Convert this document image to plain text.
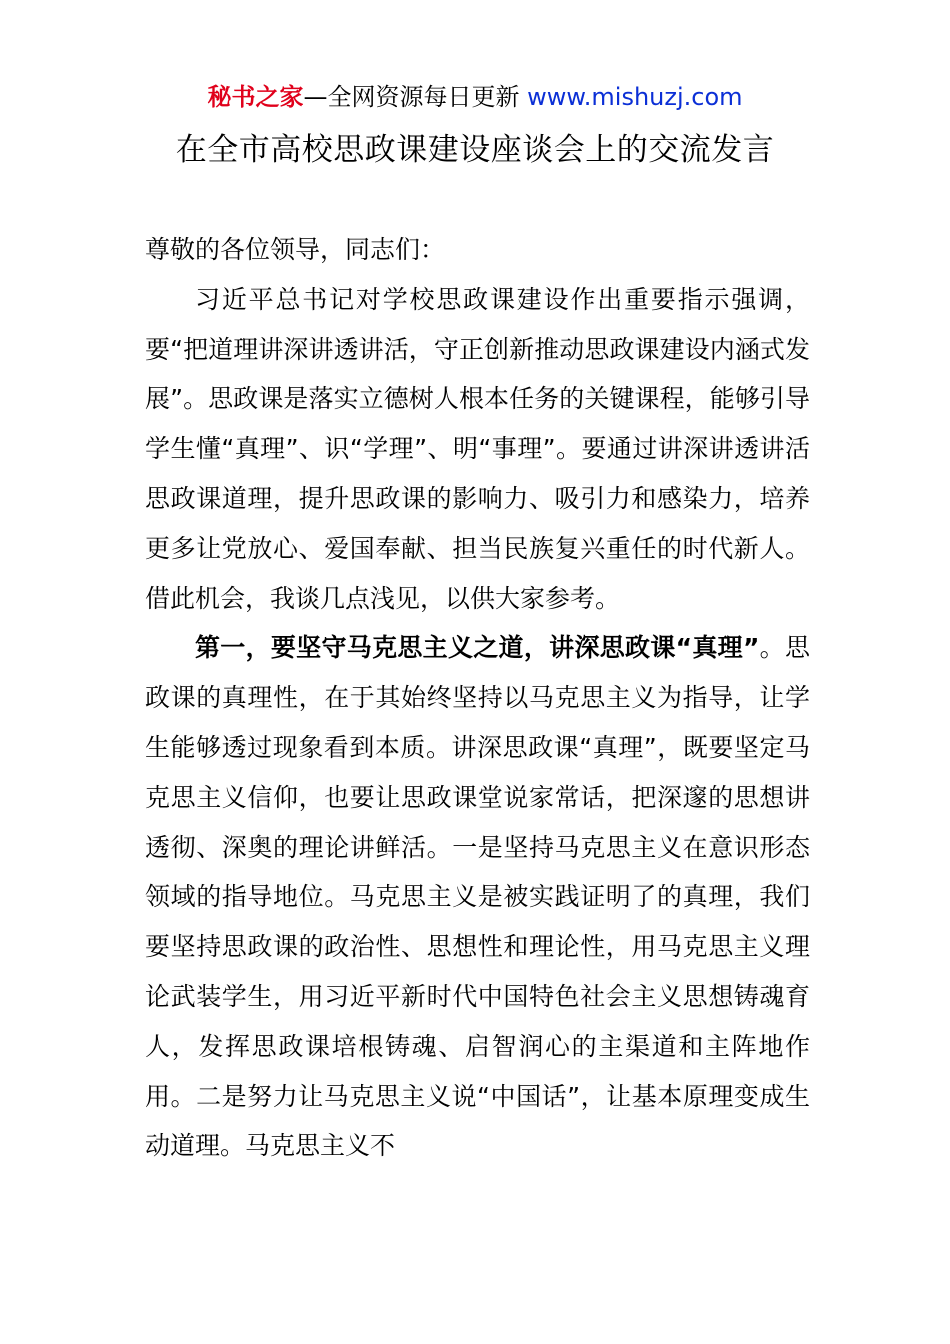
秘书之家—全网资源每日更新 www.mishuzj.com
在全市高校思政课建设座谈会上的交流发言

尊敬的各位领导，同志们：

习近平总书记对学校思政课建设作出重要指示强调，要“把道理讲深讲透讲活，守正创新推动思政课建设内涵式发展”。思政课是落实立德树人根本任务的关键课程，能够引导学生懂“真理”、识“学理”、明“事理”。要通过讲深讲透讲活思政课道理，提升思政课的影响力、吸引力和感染力，培养更多让党放心、爱国奉献、担当民族复兴重任的时代新人。借此机会，我谈几点浅见，以供大家参考。

第一，要坚守马克思主义之道，讲深思政课“真理”。思政课的真理性，在于其始终坚持以马克思主义为指导，让学生能够透过现象看到本质。讲深思政课“真理”，既要坚定马克思主义信仰，也要让思政课堂说家常话，把深邃的思想讲透彻、深奥的理论讲鲜活。一是坚持马克思主义在意识形态领域的指导地位。马克思主义是被实践证明了的真理，我们要坚持思政课的政治性、思想性和理论性，用马克思主义理论武装学生，用习近平新时代中国特色社会主义思想铸魂育人，发挥思政课培根铸魂、启智润心的主渠道和主阵地作用。二是努力让马克思主义说“中国话”，让基本原理变成生动道理。马克思主义不
